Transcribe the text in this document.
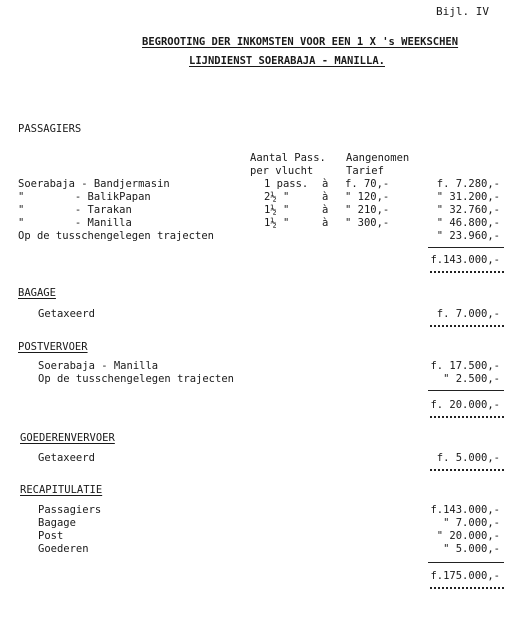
Bijl. IV
BEGROOTING DER INKOMSTEN VOOR EEN 1 X 's WEEKSCHEN
LIJNDIENST SOERABAJA - MANILLA.
PASSAGIERS
Aantal Pass.
per vlucht
Aangenomen
Tarief
Soerabaja - Bandjermasin	1 pass. à f. 70,-	f. 7.280,-
"        - BalikPapan	2½ "	à " 120,-	" 31.200,-
"        - Tarakan	1½ "	à " 210,-	" 32.760,-
"        - Manilla	1½ "	à " 300,-	" 46.800,-
Op de tusschengelegen trajecten	" 23.960,-
f.143.000,-
BAGAGE
Getaxeerd	f. 7.000,-
POSTVERVOER
Soerabaja - Manilla	f. 17.500,-
Op de tusschengelegen trajecten	" 2.500,-
f. 20.000,-
GOEDERENVERVOER
Getaxeerd	f. 5.000,-
RECAPITULATIE
Passagiers	f.143.000,-
Bagage	" 7.000,-
Post	" 20.000,-
Goederen	" 5.000,-
f.175.000,-
